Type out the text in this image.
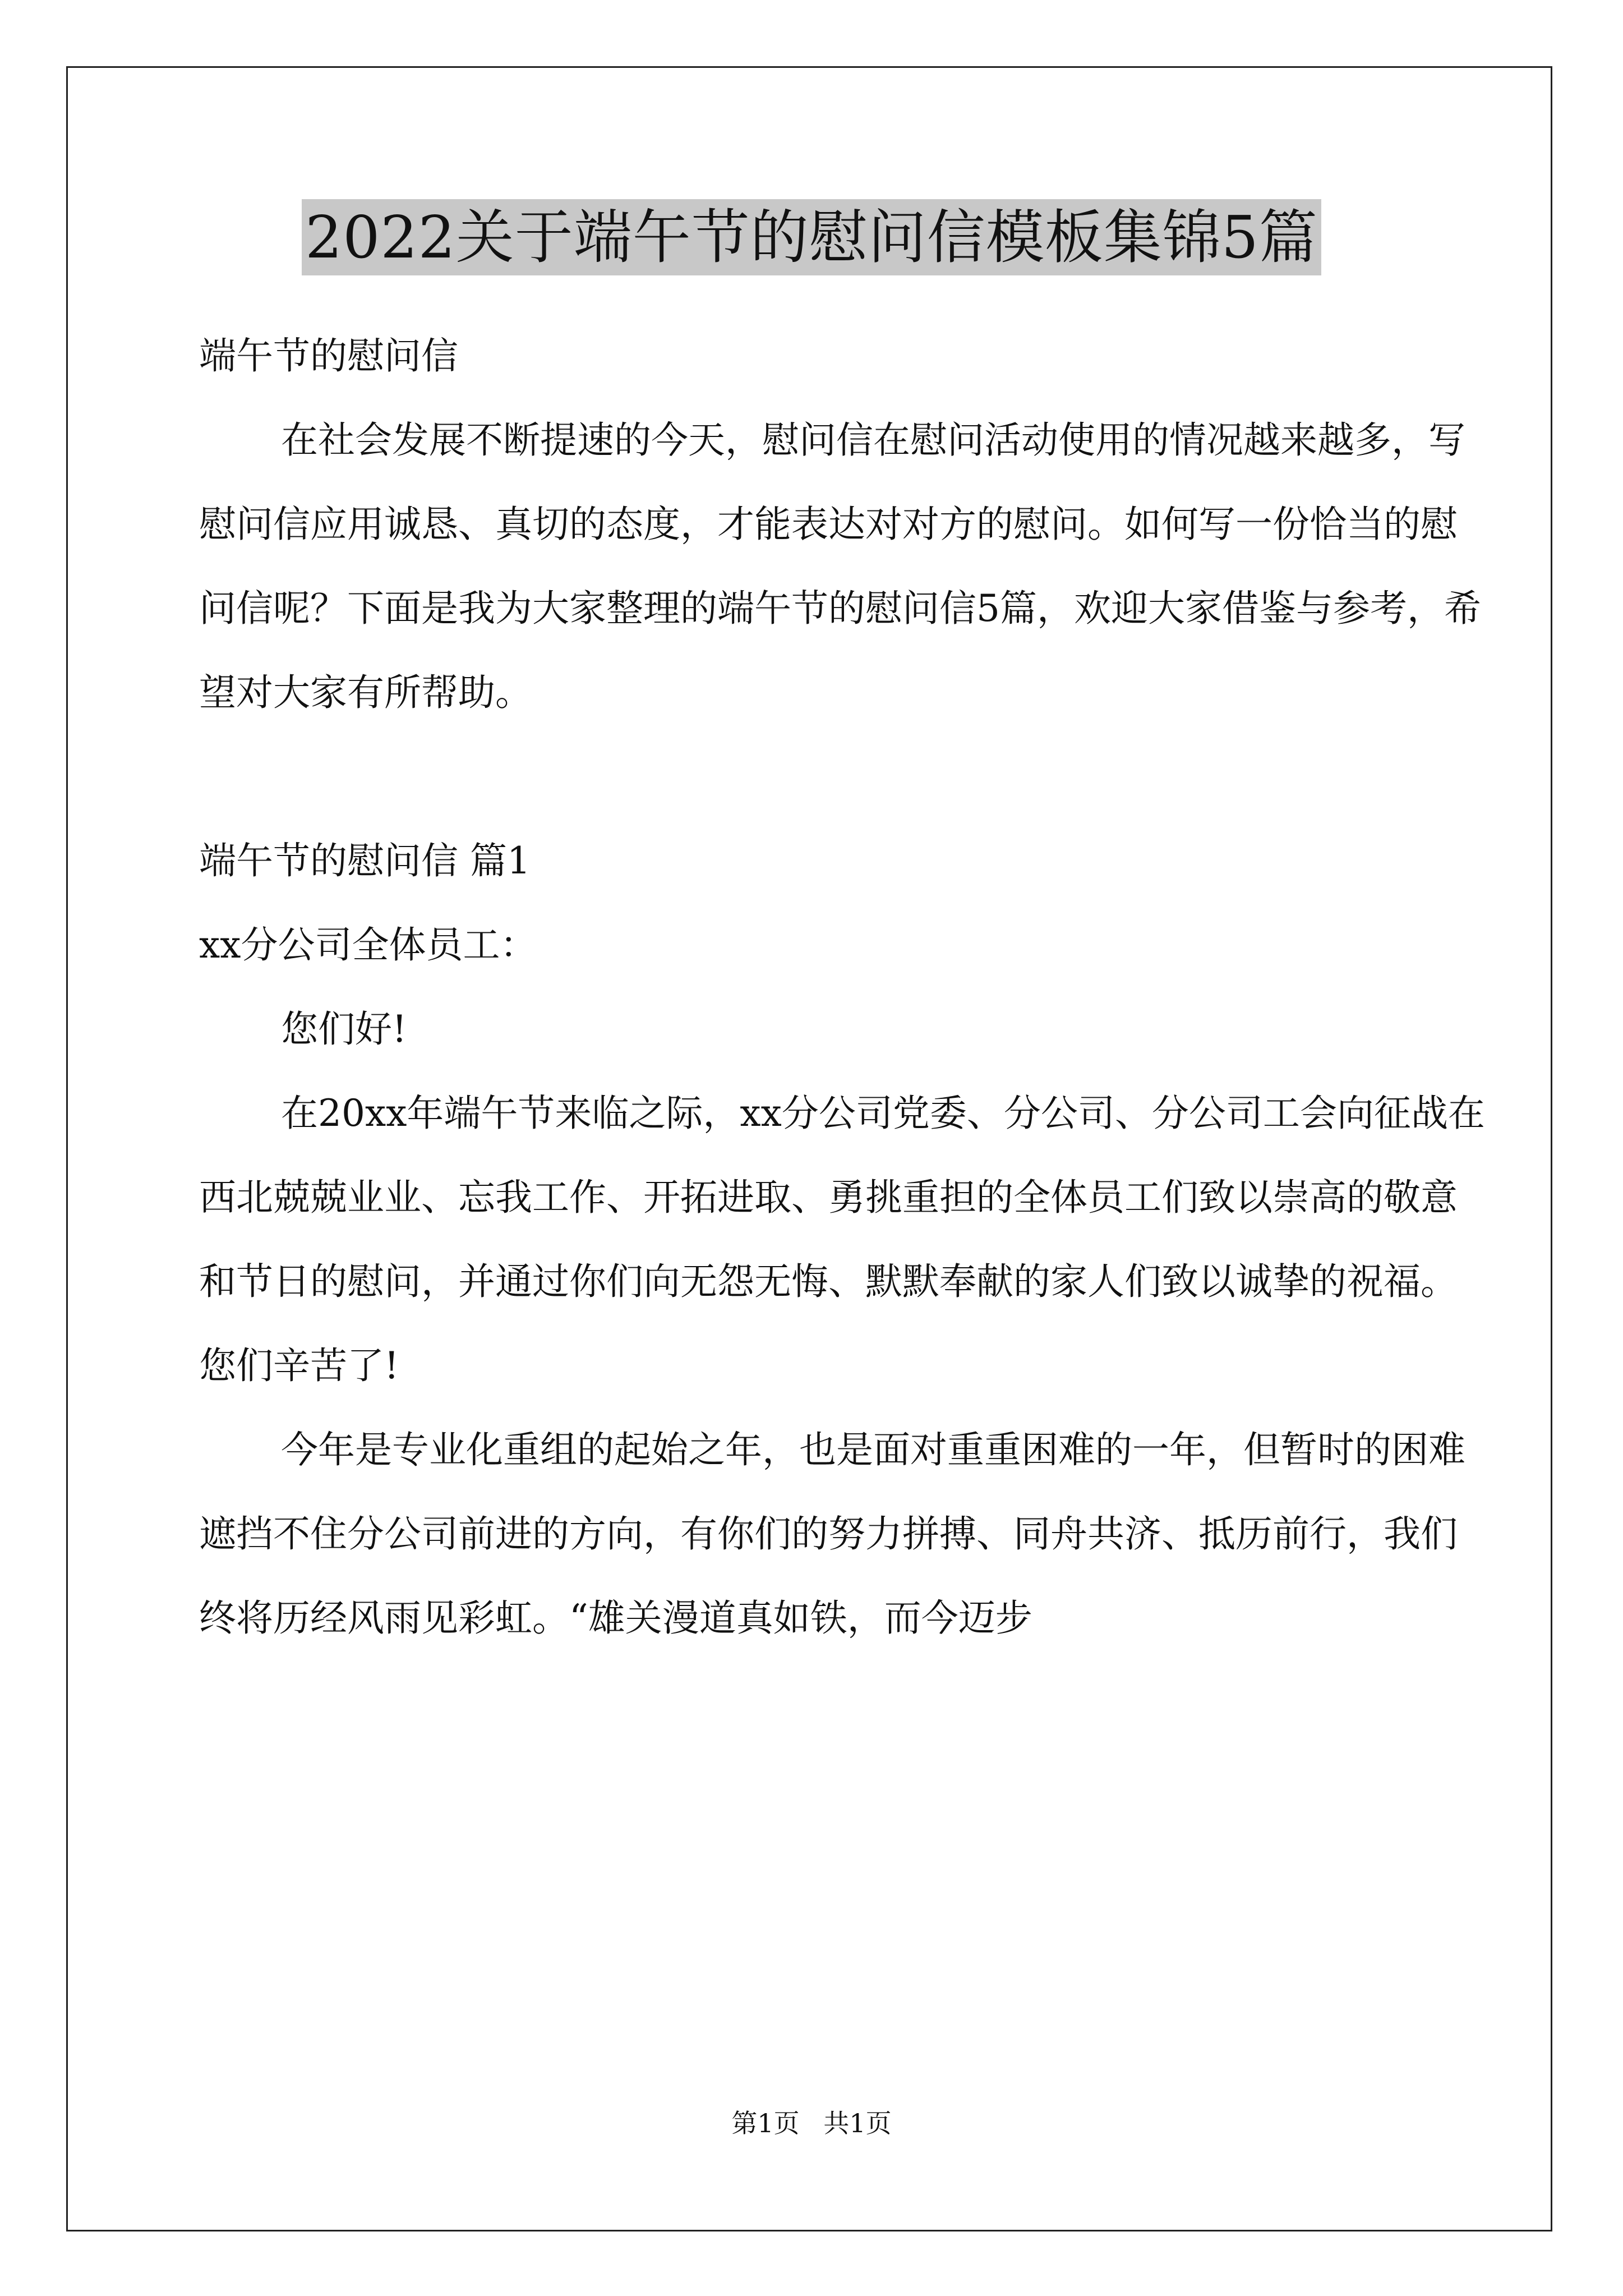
2022关于端午节的慰问信模板集锦5篇

端午节的慰问信

在社会发展不断提速的今天，慰问信在慰问活动使用的情况越来越多，写慰问信应用诚恳、真切的态度，才能表达对对方的慰问。如何写一份恰当的慰问信呢？下面是我为大家整理的端午节的慰问信5篇，欢迎大家借鉴与参考，希望对大家有所帮助。

端午节的慰问信 篇1

xx分公司全体员工：

您们好!

在20xx年端午节来临之际，xx分公司党委、分公司、分公司工会向征战在西北兢兢业业、忘我工作、开拓进取、勇挑重担的全体员工们致以崇高的敬意和节日的慰问，并通过你们向无怨无悔、默默奉献的家人们致以诚挚的祝福。您们辛苦了!

今年是专业化重组的起始之年，也是面对重重困难的一年，但暂时的困难遮挡不住分公司前进的方向，有你们的努力拼搏、同舟共济、抵历前行，我们终将历经风雨见彩虹。“雄关漫道真如铁，而今迈步

第1页 共1页
